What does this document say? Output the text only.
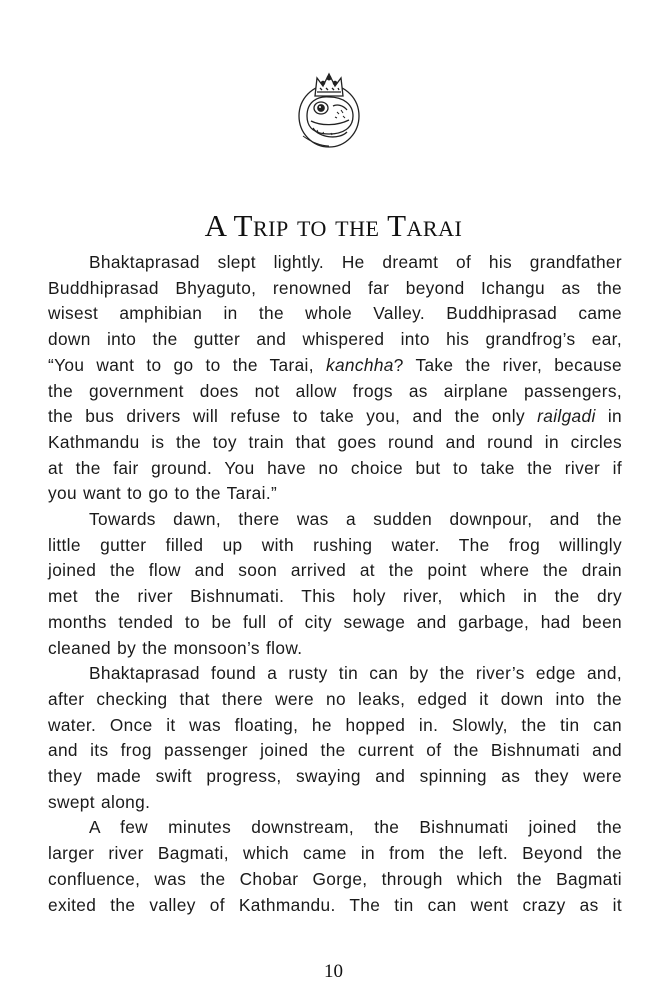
A Trip to the Tarai
Bhaktaprasad slept lightly. He dreamt of his grandfather
Buddhiprasad Bhyaguto, renowned far beyond Ichangu as the
wisest amphibian in the whole Valley. Buddhiprasad came
down into the gutter and whispered into his grandfrog’s ear,
“You want to go to the Tarai, kanchha? Take the river, because
the government does not allow frogs as airplane passengers,
the bus drivers will refuse to take you, and the only railgadi in
Kathmandu is the toy train that goes round and round in circles
at the fair ground. You have no choice but to take the river if
you want to go to the Tarai.”
Towards dawn, there was a sudden downpour, and the
little gutter filled up with rushing water. The frog willingly
joined the flow and soon arrived at the point where the drain
met the river Bishnumati. This holy river, which in the dry
months tended to be full of city sewage and garbage, had been
cleaned by the monsoon’s flow.
Bhaktaprasad found a rusty tin can by the river’s edge and,
after checking that there were no leaks, edged it down into the
water. Once it was floating, he hopped in. Slowly, the tin can
and its frog passenger joined the current of the Bishnumati and
they made swift progress, swaying and spinning as they were
swept along.
A few minutes downstream, the Bishnumati joined the
larger river Bagmati, which came in from the left. Beyond the
confluence, was the Chobar Gorge, through which the Bagmati
exited the valley of Kathmandu. The tin can went crazy as it
10
